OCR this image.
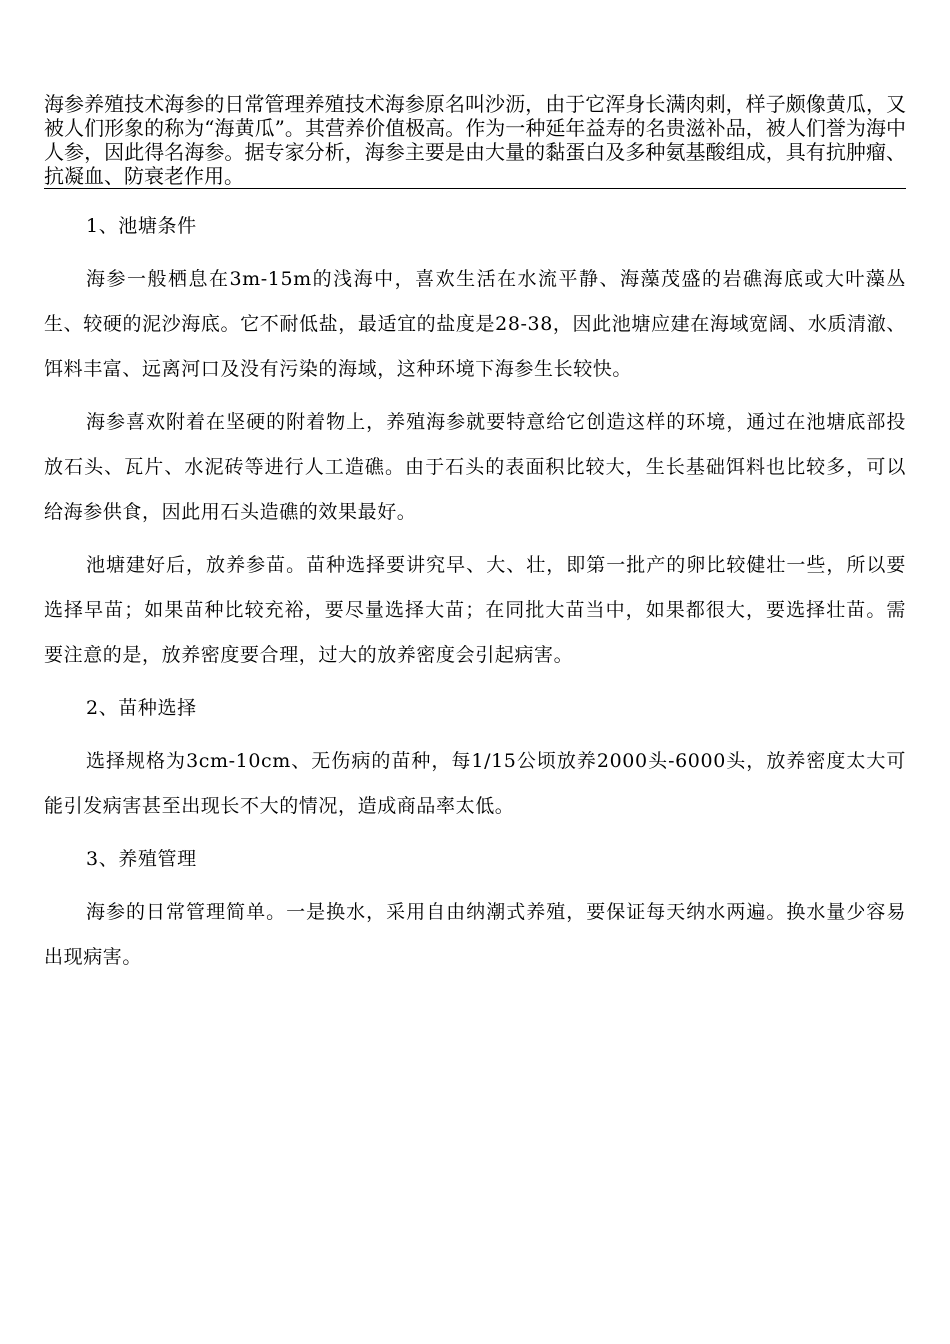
海参养殖技术海参的日常管理养殖技术海参原名叫沙沥，由于它浑身长满肉刺，样子颇像黄瓜，又被人们形象的称为“海黄瓜”。其营养价值极高。作为一种延年益寿的名贵滋补品，被人们誉为海中人参，因此得名海参。据专家分析，海参主要是由大量的黏蛋白及多种氨基酸组成，具有抗肿瘤、抗凝血、防衰老作用。

1、池塘条件

海参一般栖息在3m-15m的浅海中，喜欢生活在水流平静、海藻茂盛的岩礁海底或大叶藻丛生、较硬的泥沙海底。它不耐低盐，最适宜的盐度是28-38，因此池塘应建在海域宽阔、水质清澈、饵料丰富、远离河口及没有污染的海域，这种环境下海参生长较快。

海参喜欢附着在坚硬的附着物上，养殖海参就要特意给它创造这样的环境，通过在池塘底部投放石头、瓦片、水泥砖等进行人工造礁。由于石头的表面积比较大，生长基础饵料也比较多，可以给海参供食，因此用石头造礁的效果最好。

池塘建好后，放养参苗。苗种选择要讲究早、大、壮，即第一批产的卵比较健壮一些，所以要选择早苗；如果苗种比较充裕，要尽量选择大苗；在同批大苗当中，如果都很大，要选择壮苗。需要注意的是，放养密度要合理，过大的放养密度会引起病害。

2、苗种选择

选择规格为3cm-10cm、无伤病的苗种，每1/15公顷放养2000头-6000头，放养密度太大可能引发病害甚至出现长不大的情况，造成商品率太低。

3、养殖管理

海参的日常管理简单。一是换水，采用自由纳潮式养殖，要保证每天纳水两遍。换水量少容易出现病害。
